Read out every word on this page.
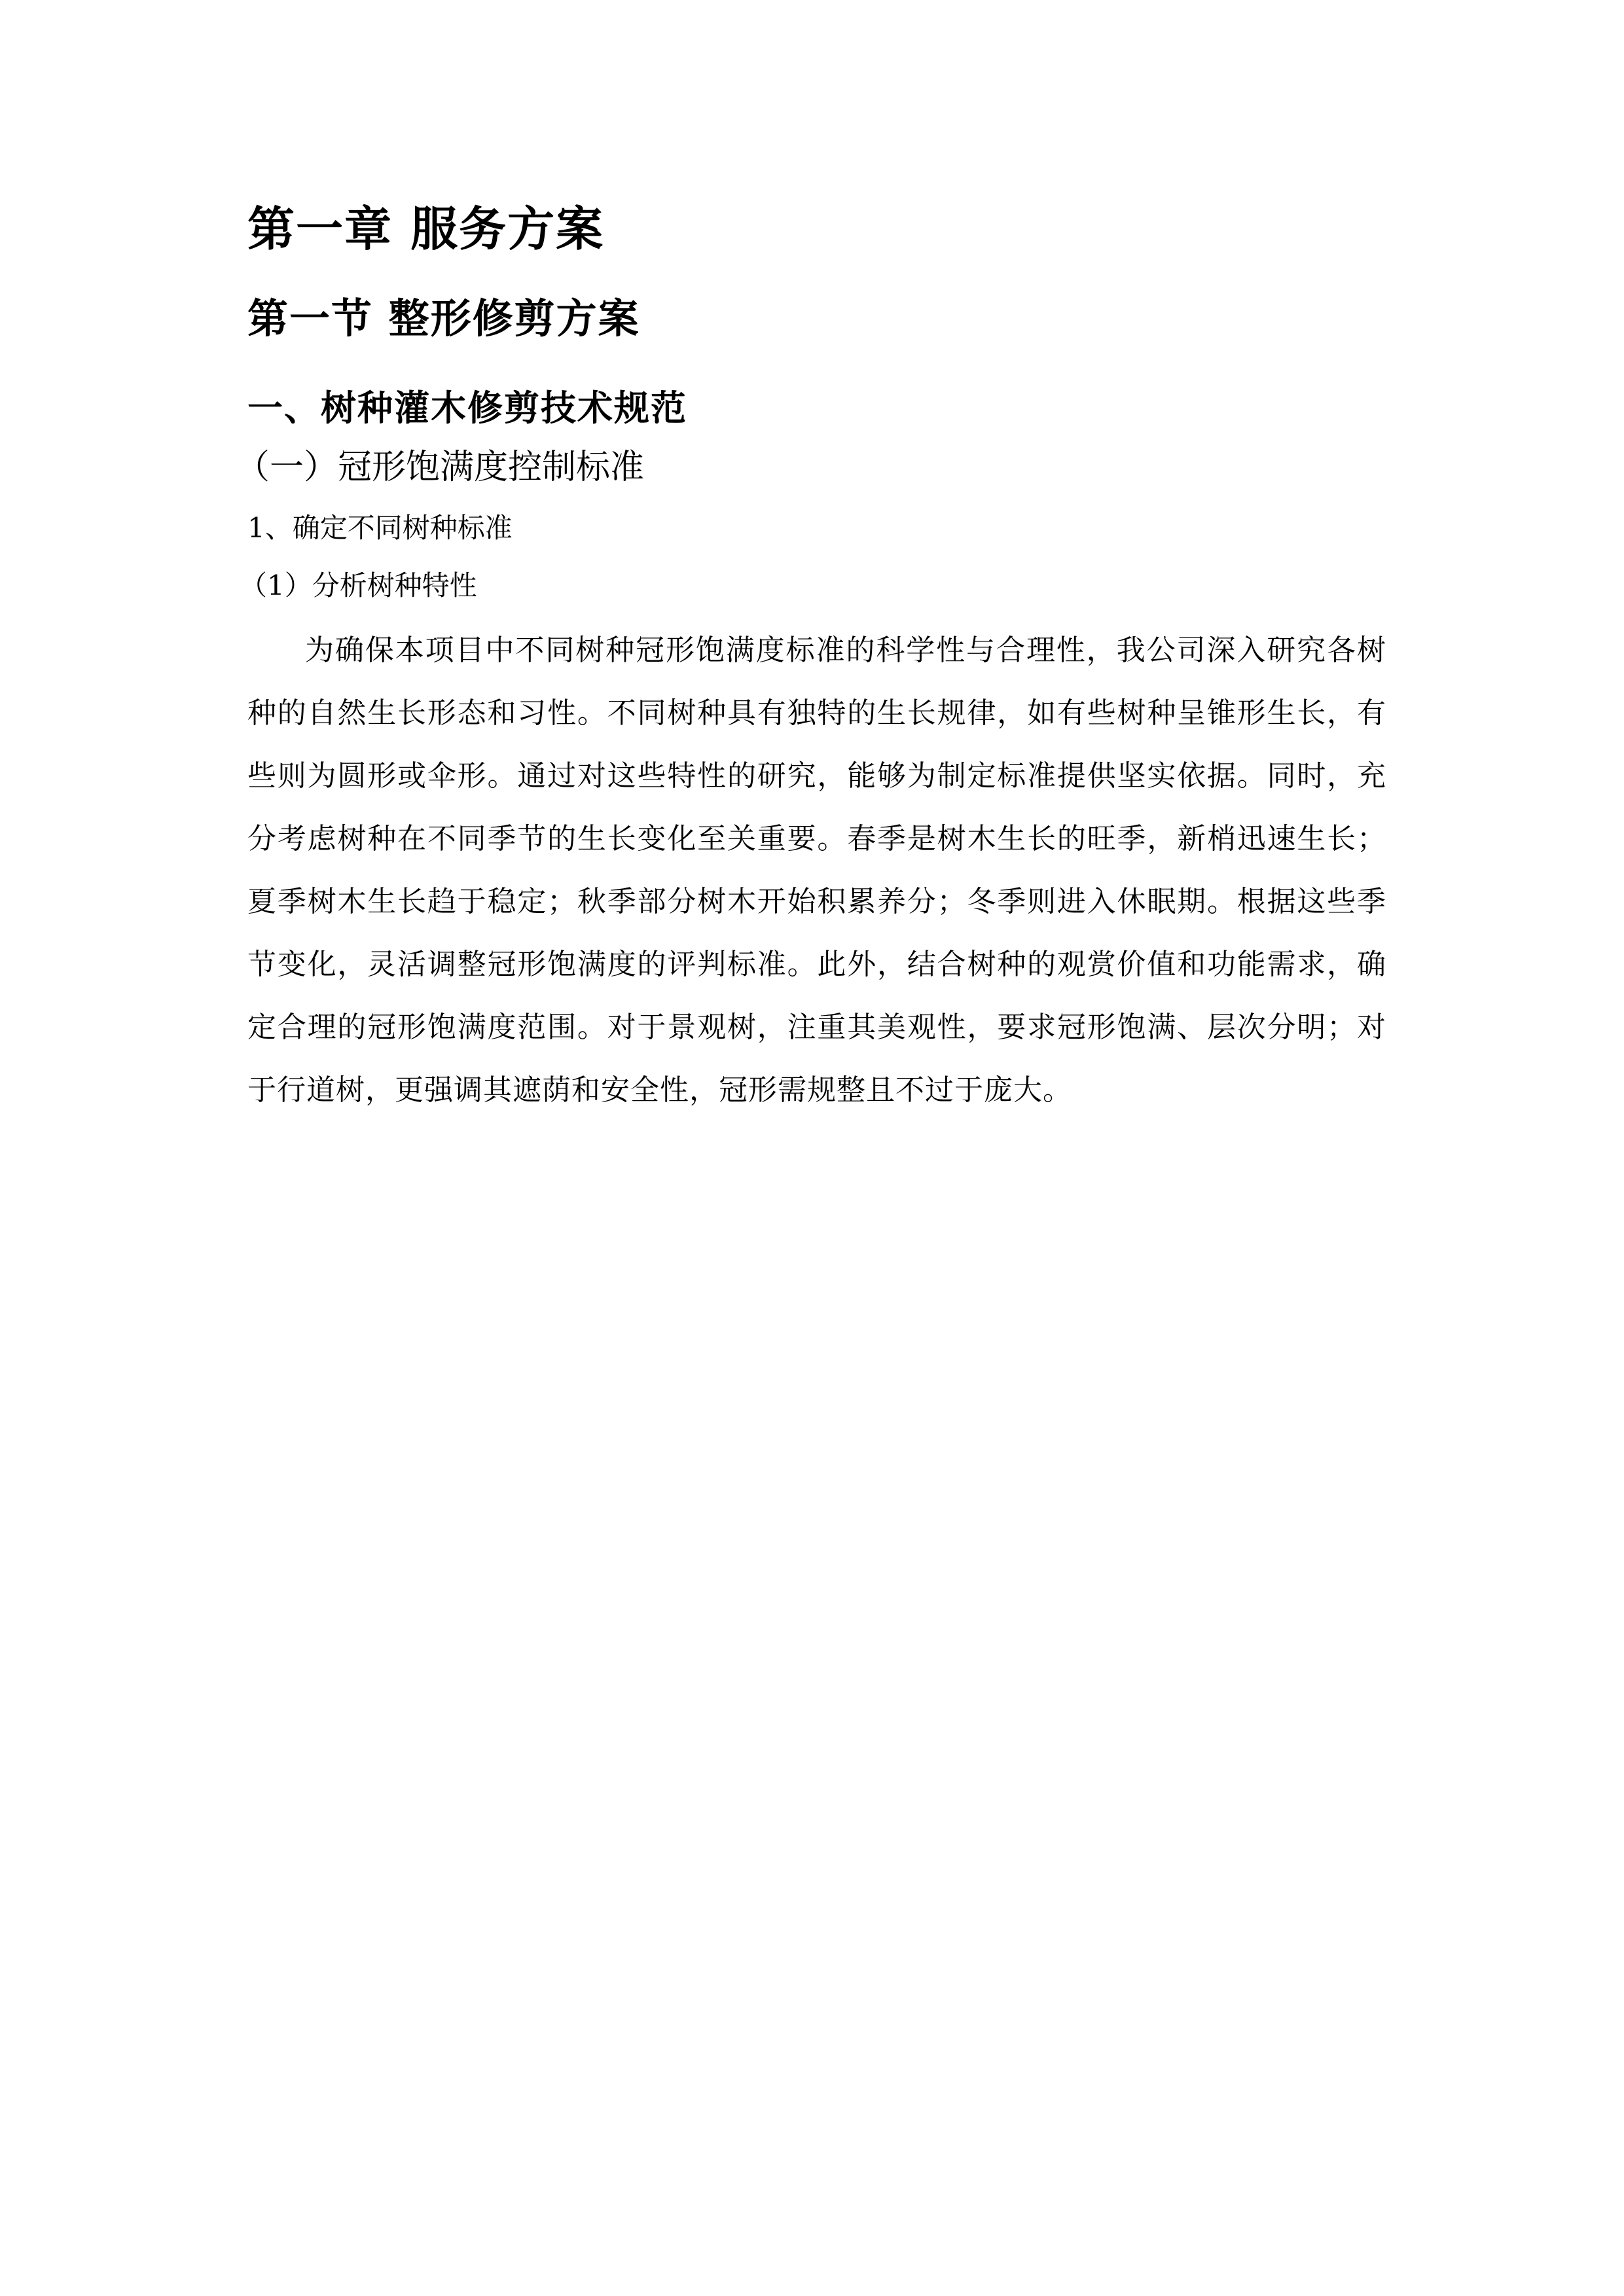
第一章 服务方案
第一节 整形修剪方案
一、树种灌木修剪技术规范
（一）冠形饱满度控制标准
1、确定不同树种标准
（1）分析树种特性

为确保本项目中不同树种冠形饱满度标准的科学性与合理性，我公司深入研究各树种的自然生长形态和习性。不同树种具有独特的生长规律，如有些树种呈锥形生长，有些则为圆形或伞形。通过对这些特性的研究，能够为制定标准提供坚实依据。同时，充分考虑树种在不同季节的生长变化至关重要。春季是树木生长的旺季，新梢迅速生长；夏季树木生长趋于稳定；秋季部分树木开始积累养分；冬季则进入休眠期。根据这些季节变化，灵活调整冠形饱满度的评判标准。此外，结合树种的观赏价值和功能需求，确定合理的冠形饱满度范围。对于景观树，注重其美观性，要求冠形饱满、层次分明；对于行道树，更强调其遮荫和安全性，冠形需规整且不过于庞大。
